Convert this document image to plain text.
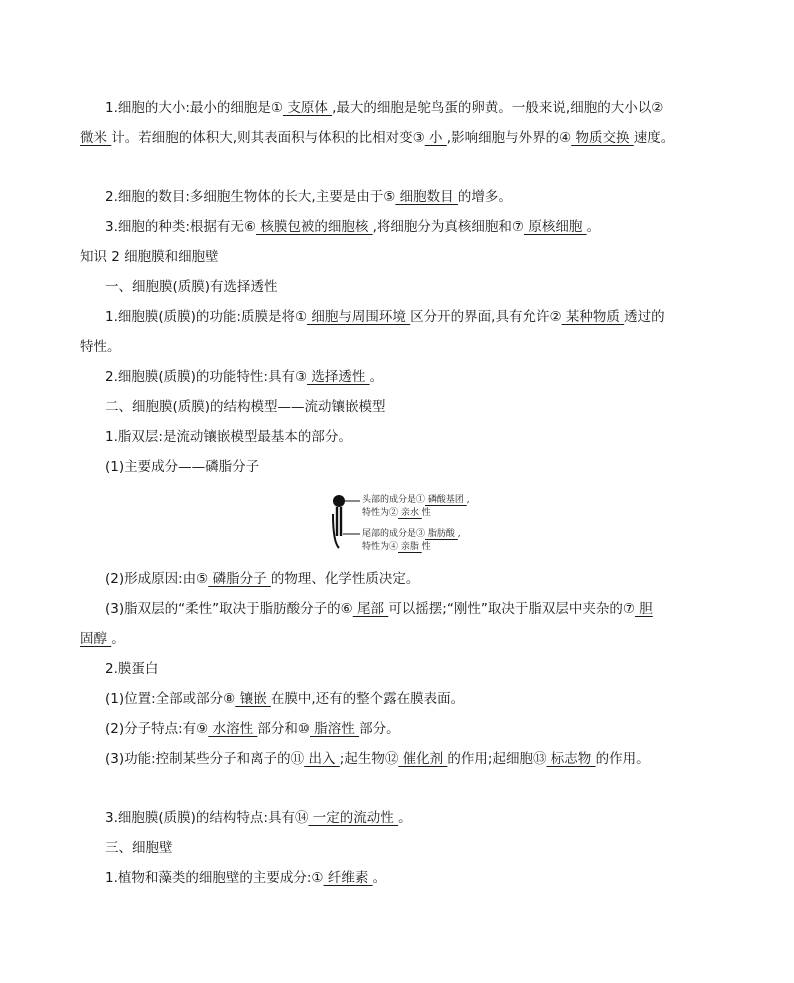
1.细胞的大小:最小的细胞是① 支原体 ,最大的细胞是鸵鸟蛋的卵黄。一般来说,细胞的大小以②
微米 计。若细胞的体积大,则其表面积与体积的比相对变③ 小 ,影响细胞与外界的④ 物质交换 速度。
2.细胞的数目:多细胞生物体的长大,主要是由于⑤ 细胞数目 的增多。
3.细胞的种类:根据有无⑥ 核膜包被的细胞核 ,将细胞分为真核细胞和⑦ 原核细胞 。
知识 2 细胞膜和细胞壁
一、细胞膜(质膜)有选择透性
1.细胞膜(质膜)的功能:质膜是将① 细胞与周围环境 区分开的界面,具有允许② 某种物质 透过的
特性。
2.细胞膜(质膜)的功能特性:具有③ 选择透性 。
二、细胞膜(质膜)的结构模型——流动镶嵌模型
1.脂双层:是流动镶嵌模型最基本的部分。
(1)主要成分——磷脂分子
头部的成分是① 磷酸基团 ,
特性为② 亲水 性
尾部的成分是③ 脂肪酸 ,
特性为④ 亲脂 性
(2)形成原因:由⑤ 磷脂分子 的物理、化学性质决定。
(3)脂双层的“柔性”取决于脂肪酸分子的⑥ 尾部 可以摇摆;“刚性”取决于脂双层中夹杂的⑦ 胆
固醇 。
2.膜蛋白
(1)位置:全部或部分⑧ 镶嵌 在膜中,还有的整个露在膜表面。
(2)分子特点:有⑨ 水溶性 部分和⑩ 脂溶性 部分。
(3)功能:控制某些分子和离子的⑪ 出入 ;起生物⑫ 催化剂 的作用;起细胞⑬ 标志物 的作用。
3.细胞膜(质膜)的结构特点:具有⑭ 一定的流动性 。
三、细胞壁
1.植物和藻类的细胞壁的主要成分:① 纤维素 。
